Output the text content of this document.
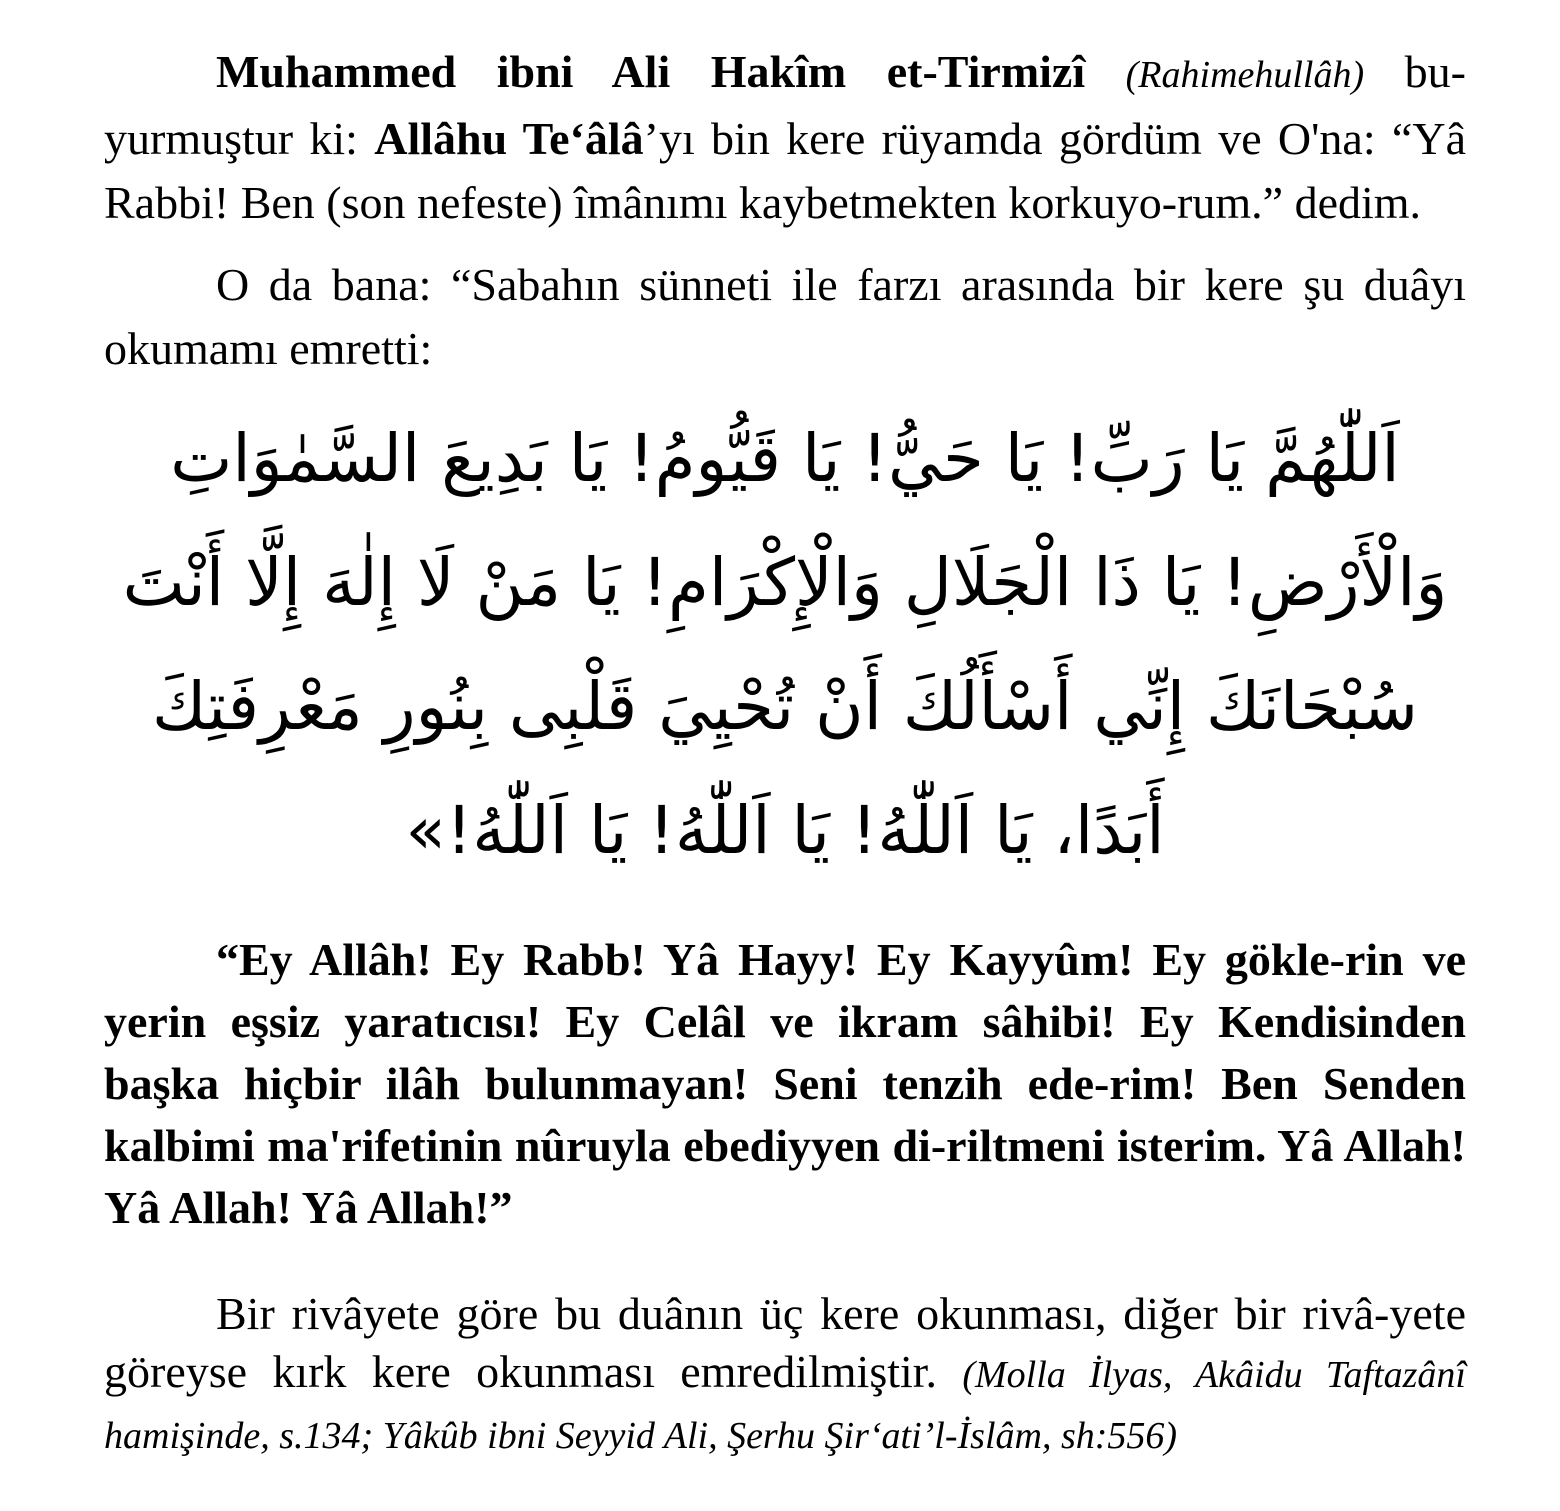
Muhammed ibni Ali Hakîm et-Tirmizî (Rahimehullâh) bu-yurmuştur ki: Allâhu Te‘âlâ’yı bin kere rüyamda gördüm ve O'na: “Yâ Rabbi! Ben (son nefeste) îmânımı kaybetmekten korkuyo-rum.” dedim.

O da bana: “Sabahın sünneti ile farzı arasında bir kere şu duâyı okumamı emretti:

اَللّٰهُمَّ يَا رَبِّ! يَا حَيُّ! يَا قَيُّومُ! يَا بَدِيعَ السَّمٰوَاتِ
وَالْأَرْضِ! يَا ذَا الْجَلَالِ وَالْإِكْرَامِ! يَا مَنْ لَا إِلٰهَ إِلَّا أَنْتَ
سُبْحَانَكَ إِنِّي أَسْأَلُكَ أَنْ تُحْيِيَ قَلْبِى بِنُورِ مَعْرِفَتِكَ
أَبَدًا، يَا اَللّٰهُ! يَا اَللّٰهُ! يَا اَللّٰهُ!»

“Ey Allâh! Ey Rabb! Yâ Hayy! Ey Kayyûm! Ey gökle-rin ve yerin eşsiz yaratıcısı! Ey Celâl ve ikram sâhibi! Ey Kendisinden başka hiçbir ilâh bulunmayan! Seni tenzih ede-rim! Ben Senden kalbimi ma'rifetinin nûruyla ebediyyen di-riltmeni isterim. Yâ Allah! Yâ Allah! Yâ Allah!”

Bir rivâyete göre bu duânın üç kere okunması, diğer bir rivâ-yete göreyse kırk kere okunması emredilmiştir. (Molla İlyas, Akâidu Taftazânî hamişinde, s.134; Yâkûb ibni Seyyid Ali, Şerhu Şir‘ati’l-İslâm, sh:556)
